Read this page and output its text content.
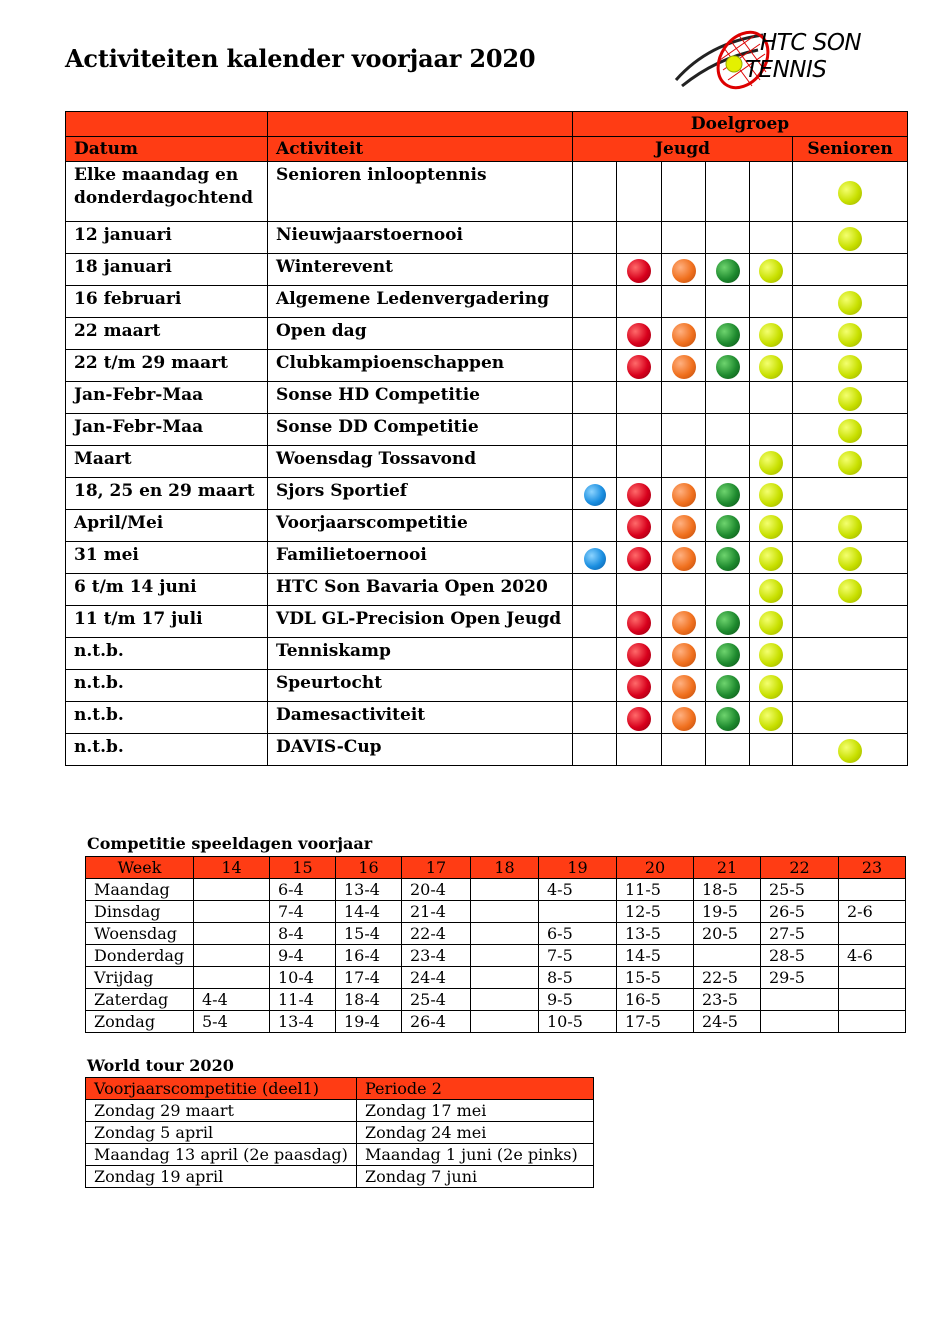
Activiteiten kalender voorjaar 2020
HTC SON
TENNIS
		Doelgroep					
Datum	Activiteit	Jeugd					Senioren

Elke maandag en
donderdagochtend	Senioren inlooptennis						

12 januari	Nieuwjaarstoernooi						

18 januari	Winterevent						

16 februari	Algemene Ledenvergadering						

22 maart	Open dag						

22 t/m 29 maart	Clubkampioenschappen						

Jan-Febr-Maa	Sonse HD Competitie						

Jan-Febr-Maa	Sonse DD Competitie						

Maart	Woensdag Tossavond						

18, 25 en 29 maart	Sjors Sportief						

April/Mei	Voorjaarscompetitie						

31 mei	Familietoernooi						

6 t/m 14 juni	HTC Son Bavaria Open 2020						

11 t/m 17 juli	VDL GL-Precision Open Jeugd						

n.t.b.	Tenniskamp						

n.t.b.	Speurtocht						

n.t.b.	Damesactiviteit						

n.t.b.	DAVIS-Cup						
Competitie speeldagen voorjaar
Week	14	15	16	17	18	19	20	21	22	23
Maandag		6-4	13-4	20-4		4-5	11-5	18-5	25-5	
Dinsdag		7-4	14-4	21-4			12-5	19-5	26-5	2-6
Woensdag		8-4	15-4	22-4		6-5	13-5	20-5	27-5	
Donderdag		9-4	16-4	23-4		7-5	14-5		28-5	4-6
Vrijdag		10-4	17-4	24-4		8-5	15-5	22-5	29-5	
Zaterdag	4-4	11-4	18-4	25-4		9-5	16-5	23-5		
Zondag	5-4	13-4	19-4	26-4		10-5	17-5	24-5		
World tour 2020
Voorjaarscompetitie (deel1)	Periode 2
Zondag 29 maart	Zondag 17 mei
Zondag 5 april	Zondag 24 mei
Maandag 13 april (2e paasdag)	Maandag 1 juni (2e pinks)
Zondag 19 april	Zondag 7 juni
